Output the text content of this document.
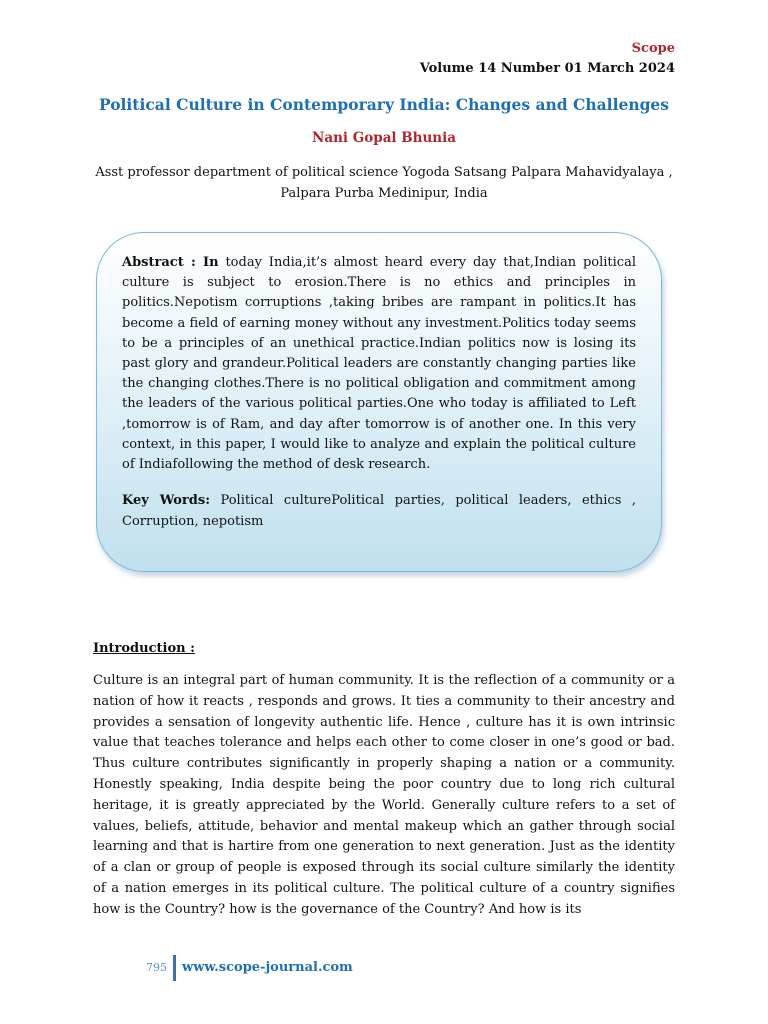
Scope
Volume 14 Number 01 March 2024
Political Culture in Contemporary India: Changes and Challenges
Nani Gopal Bhunia
Asst professor department of political science Yogoda Satsang Palpara Mahavidyalaya ,
Palpara Purba Medinipur, India
Abstract : In today India,it’s almost heard every day that,Indian political culture is subject to erosion.There is no ethics and principles in politics.Nepotism corruptions ,taking bribes are rampant in politics.It has become a field of earning money without any investment.Politics today seems to be a principles of an unethical practice.Indian politics now is losing its past glory and grandeur.Political leaders are constantly changing parties like the changing clothes.There is no political obligation and commitment among the leaders of the various political parties.One who today is affiliated to Left ,tomorrow is of Ram, and day after tomorrow is of another one. In this very context, in this paper, I would like to analyze and explain the political culture of Indiafollowing the method of desk research.
Key Words: Political culturePolitical parties, political leaders, ethics , Corruption, nepotism
Introduction :
Culture is an integral part of human community. It is the reflection of a community or a nation of how it reacts , responds and grows. It ties a community to their ancestry and provides a sensation of longevity authentic life. Hence , culture has it is own intrinsic value that teaches tolerance and helps each other to come closer in one’s good or bad. Thus culture contributes significantly in properly shaping a nation or a community. Honestly speaking, India despite being the poor country due to long rich cultural heritage, it is greatly appreciated by the World. Generally culture refers to a set of values, beliefs, attitude, behavior and mental makeup which an gather through social learning and that is hartire from one generation to next generation. Just as the identity of a clan or group of people is exposed through its social culture similarly the identity of a nation emerges in its political culture. The political culture of a country signifies how is the Country? how is the governance of the Country? And how is its
795 www.scope-journal.com
